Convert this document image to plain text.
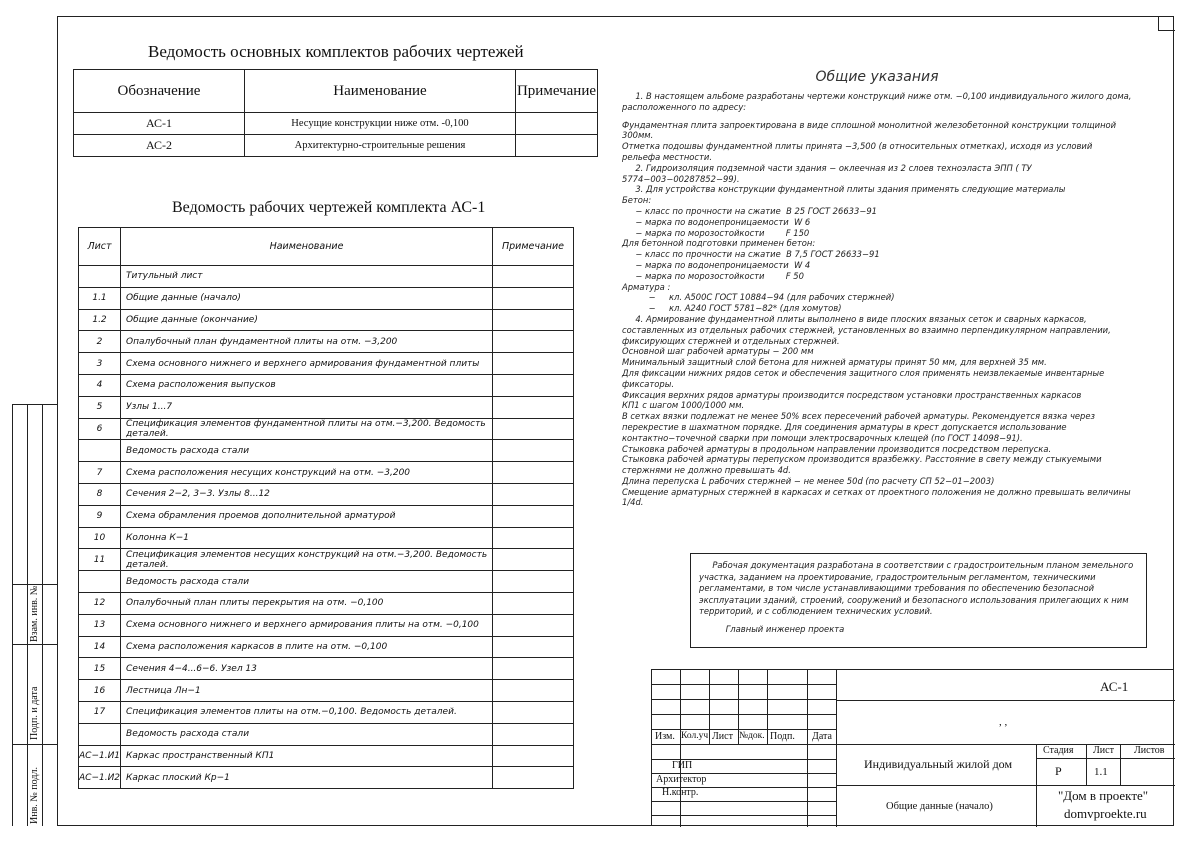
Инв. № подл.
Подп. и дата
Взам. инв. №
Ведомость основных комплектов рабочих чертежей
Обозначение	Наименование	Примечание
АС-1	Несущие конструкции ниже отм. -0,100	
АС-2	Архитектурно-строительные решения	
Ведомость рабочих чертежей комплекта АС-1
Лист	Наименование	Примечание
	Титульный лист	
1.1	Общие данные (начало)	
1.2	Общие данные (окончание)	
2	Опалубочный план фундаментной плиты на отм. −3,200	
3	Схема основного нижнего и верхнего армирования фундаментной плиты	
4	Схема расположения выпусков	
5	Узлы 1...7	
6	Спецификация элементов фундаментной плиты на отм.−3,200. Ведомость деталей.	
	Ведомость расхода стали	
7	Схема расположения несущих конструкций на отм. −3,200	
8	Сечения 2−2, 3−3. Узлы 8...12	
9	Схема обрамления проемов дополнительной арматурой	
10	Колонна К−1	
11	Спецификация элементов несущих конструкций на отм.−3,200. Ведомость деталей.	
	Ведомость расхода стали	
12	Опалубочный план плиты перекрытия на отм. −0,100	
13	Схема основного нижнего и верхнего армирования плиты на отм. −0,100	
14	Схема расположения каркасов в плите на отм. −0,100	
15	Сечения 4−4...6−6. Узел 13	
16	Лестница Лн−1	
17	Спецификация элементов плиты на отм.−0,100. Ведомость деталей.	
	Ведомость расхода стали	
АС−1.И1	Каркас пространственный КП1	
АС−1.И2	Каркас плоский Кр−1	
Общие указания

1. В настоящем альбоме разработаны чертежи конструкций ниже отм. −0,100 индивидуального жилого дома, расположенного по адресу:

Фундаментная плита запроектирована в виде сплошной монолитной железобетонной конструкции толщиной 300мм.

Отметка подошвы фундаментной плиты принята −3,500 (в относительных отметках), исходя из условий рельефа местности.

2. Гидроизоляция подземной части здания − оклеечная из 2 слоев техноэласта ЭПП ( ТУ 5774−003−00287852−99).

3. Для устройства конструкции фундаментной плиты здания применять следующие материалы

Бетон:

− класс по прочности на сжатие  В 25 ГОСТ 26633−91

− марка по водонепроницаемости  W 6

− марка по морозостойкости        F 150

Для бетонной подготовки применен бетон:

− класс по прочности на сжатие  В 7,5 ГОСТ 26633−91

− марка по водонепроницаемости  W 4

− марка по морозостойкости        F 50

Арматура :

−     кл. А500С ГОСТ 10884−94 (для рабочих стержней)

−     кл. А240 ГОСТ 5781−82* (для хомутов)

4. Армирование фундаментной плиты выполнено в виде плоских вязаных сеток и сварных каркасов, составленных из отдельных рабочих стержней, установленных во взаимно перпендикулярном направлении, фиксирующих стержней и отдельных стержней.

Основной шаг рабочей арматуры − 200 мм

Минимальный защитный слой бетона для нижней арматуры принят 50 мм, для верхней 35 мм.

Для фиксации нижних рядов сеток и обеспечения защитного слоя применять неизвлекаемые инвентарные фиксаторы.

Фиксация верхних рядов арматуры производится посредством установки пространственных каркасов

КП1 с шагом 1000/1000 мм.

В сетках вязки подлежат не менее 50% всех пересечений рабочей арматуры. Рекомендуется вязка через перекрестие в шахматном порядке. Для соединения арматуры в крест допускается использование контактно−точечной сварки при помощи электросварочных клещей (по ГОСТ 14098−91).

Стыковка рабочей арматуры в продольном направлении производится посредством перепуска.

Стыковка рабочей арматуры перепуском производится вразбежку. Расстояние в свету между стыкуемыми стержнями не должно превышать 4d.

Длина перепуска L рабочих стержней − не менее 50d (по расчету СП 52−01−2003)

Смещение арматурных стержней в каркасах и сетках от проектного положения не должно превышать величины 1/4d.

Рабочая документация разработана в соответствии с градостроительным планом земельного участка, заданием на проектирование, градостроительным регламентом, техническими регламентами, в том числе устанавливающими требования по обеспечению безопасной эксплуатации зданий, строений, сооружений и безопасного использования прилегающих к ним территорий, и с соблюдением технических условий.
Главный инженер проекта
Изм. Кол.уч Лист №док. Подп. Дата
ГИП
Архитектор
Н.контр.
АС-1
, ,
Индивидуальный жилой дом
Общие данные (начало)
Стадия Лист Листов
Р	1.1
"Дом в проекте"
domvproekte.ru
